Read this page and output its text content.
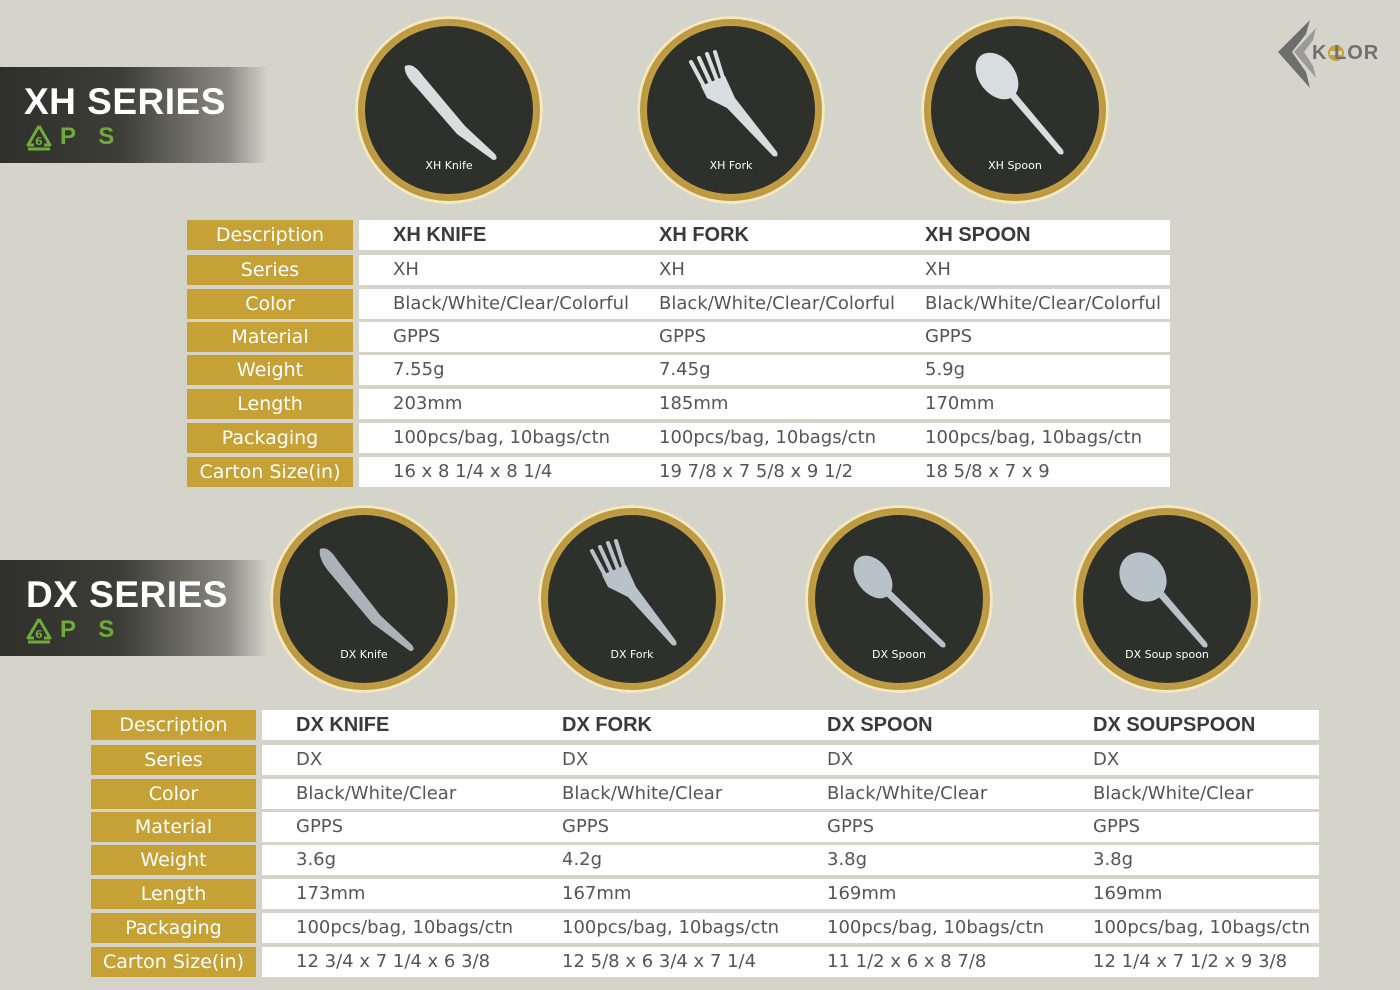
K LOR
XH SERIES
6 P S
DX SERIES
6 P S
XH Knife	XH Fork	XH Spoon
DX Knife	DX Fork	DX Spoon	DX Soup spoon
Description	XH KNIFE	XH FORK	XH SPOON
Series	XH	XH	XH
Color	Black/White/Clear/Colorful Black/White/Clear/Colorful Black/White/Clear/Colorful
Material	GPPS	GPPS	GPPS
Weight	7.55g	7.45g	5.9g
Length	203mm	185mm	170mm
Packaging	100pcs/bag, 10bags/ctn	100pcs/bag, 10bags/ctn	100pcs/bag, 10bags/ctn
Carton Size(in)	16 x 8 1/4 x 8 1/4	19 7/8 x 7 5/8 x 9 1/2	18 5/8 x 7 x 9
Description	DX KNIFE	DX FORK	DX SPOON	DX SOUPSPOON
Series	DX	DX	DX	DX
Color	Black/White/Clear	Black/White/Clear	Black/White/Clear	Black/White/Clear
Material	GPPS	GPPS	GPPS	GPPS
Weight	3.6g	4.2g	3.8g	3.8g
Length	173mm	167mm	169mm	169mm
Packaging	100pcs/bag, 10bags/ctn	100pcs/bag, 10bags/ctn	100pcs/bag, 10bags/ctn	100pcs/bag, 10bags/ctn
Carton Size(in)	12 3/4 x 7 1/4 x 6 3/8	12 5/8 x 6 3/4 x 7 1/4	11 1/2 x 6 x 8 7/8	12 1/4 x 7 1/2 x 9 3/8
